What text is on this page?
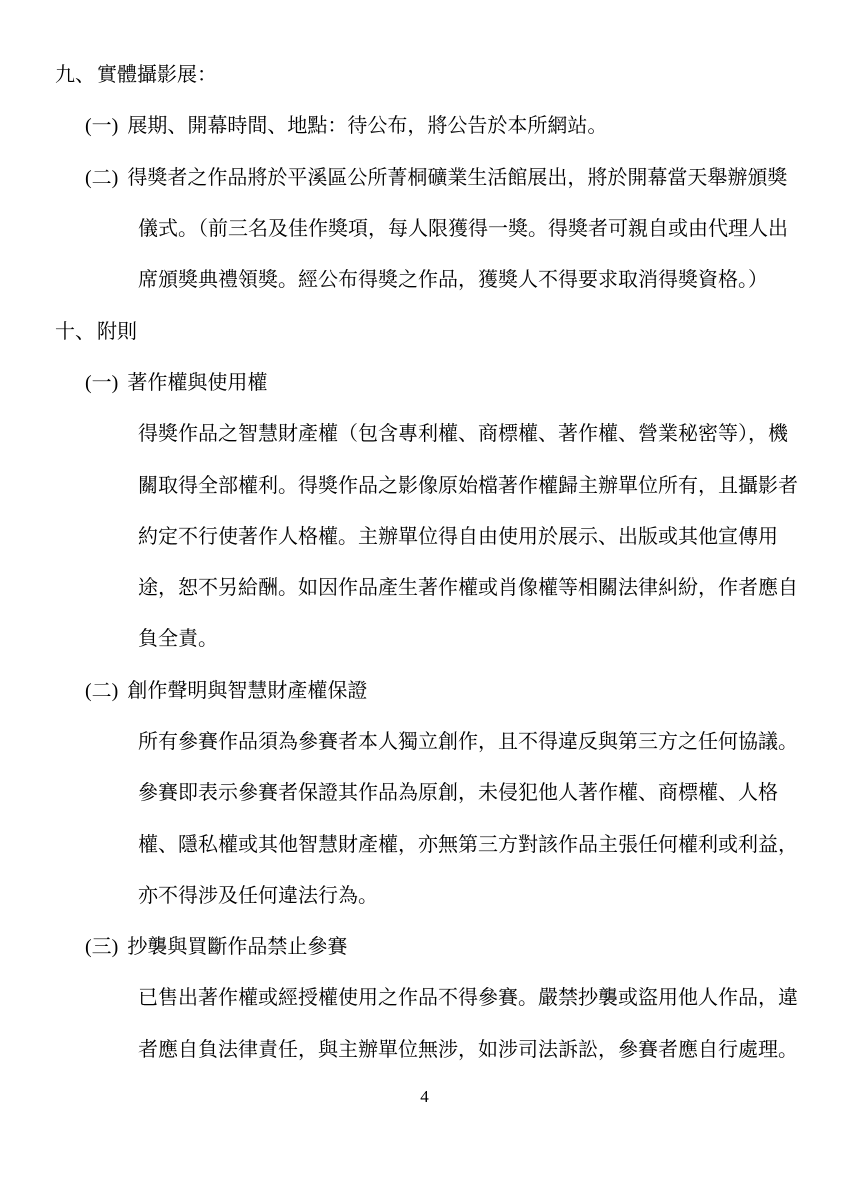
九、 實體攝影展：
(一) 展期、開幕時間、地點：待公布，將公告於本所網站。
(二) 得獎者之作品將於平溪區公所菁桐礦業生活館展出，將於開幕當天舉辦頒獎
儀式。（前三名及佳作獎項，每人限獲得一獎。得獎者可親自或由代理人出
席頒獎典禮領獎。經公布得獎之作品，獲獎人不得要求取消得獎資格。）
十、 附則
(一) 著作權與使用權
得獎作品之智慧財產權（包含專利權、商標權、著作權、營業秘密等），機
關取得全部權利。得獎作品之影像原始檔著作權歸主辦單位所有，且攝影者
約定不行使著作人格權。主辦單位得自由使用於展示、出版或其他宣傳用
途，恕不另給酬。如因作品產生著作權或肖像權等相關法律糾紛，作者應自
負全責。
(二) 創作聲明與智慧財產權保證
所有參賽作品須為參賽者本人獨立創作，且不得違反與第三方之任何協議。
參賽即表示參賽者保證其作品為原創，未侵犯他人著作權、商標權、人格
權、隱私權或其他智慧財產權，亦無第三方對該作品主張任何權利或利益，
亦不得涉及任何違法行為。
(三) 抄襲與買斷作品禁止參賽
已售出著作權或經授權使用之作品不得參賽。嚴禁抄襲或盜用他人作品，違
者應自負法律責任，與主辦單位無涉，如涉司法訴訟，參賽者應自行處理。
4
